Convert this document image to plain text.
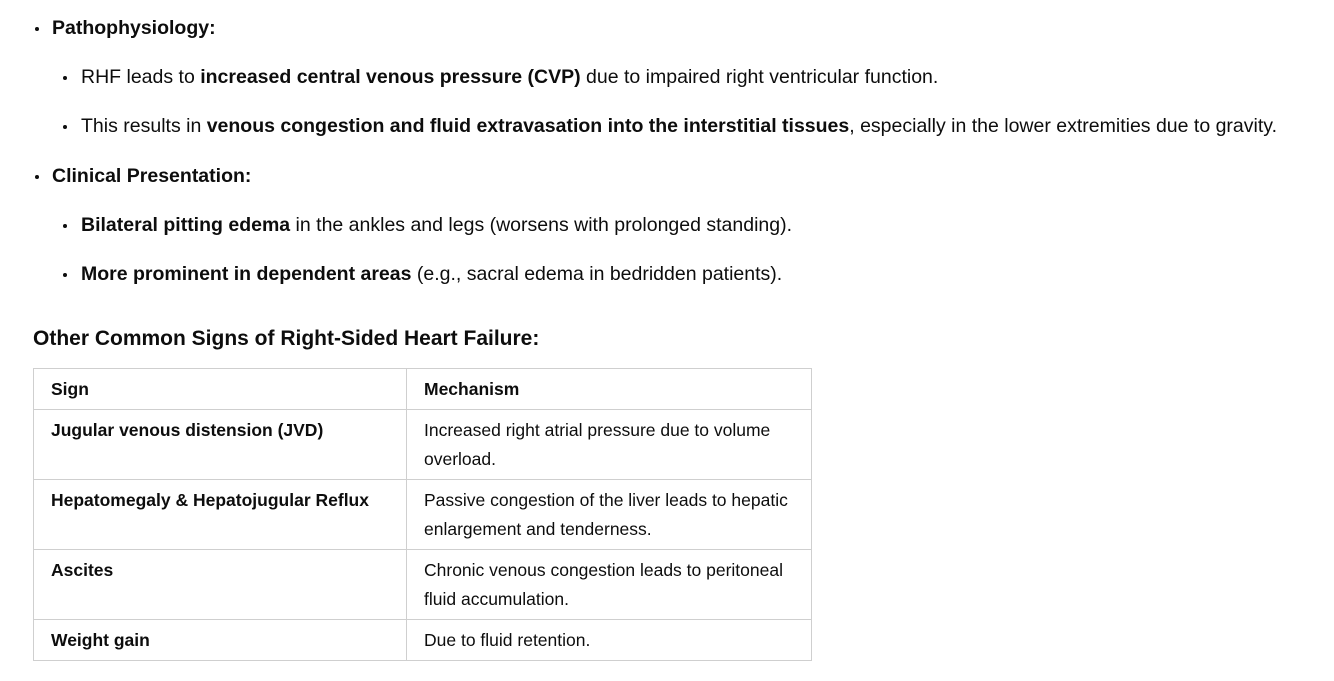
Pathophysiology:
RHF leads to increased central venous pressure (CVP) due to impaired right ventricular function.
This results in venous congestion and fluid extravasation into the interstitial tissues, especially in the lower extremities due to gravity.
Clinical Presentation:
Bilateral pitting edema in the ankles and legs (worsens with prolonged standing).
More prominent in dependent areas (e.g., sacral edema in bedridden patients).
Other Common Signs of Right-Sided Heart Failure:
Sign	Mechanism
Jugular venous distension (JVD)	Increased right atrial pressure due to volume overload.
Hepatomegaly & Hepatojugular Reflux	Passive congestion of the liver leads to hepatic enlargement and tenderness.
Ascites	Chronic venous congestion leads to peritoneal fluid accumulation.
Weight gain	Due to fluid retention.
